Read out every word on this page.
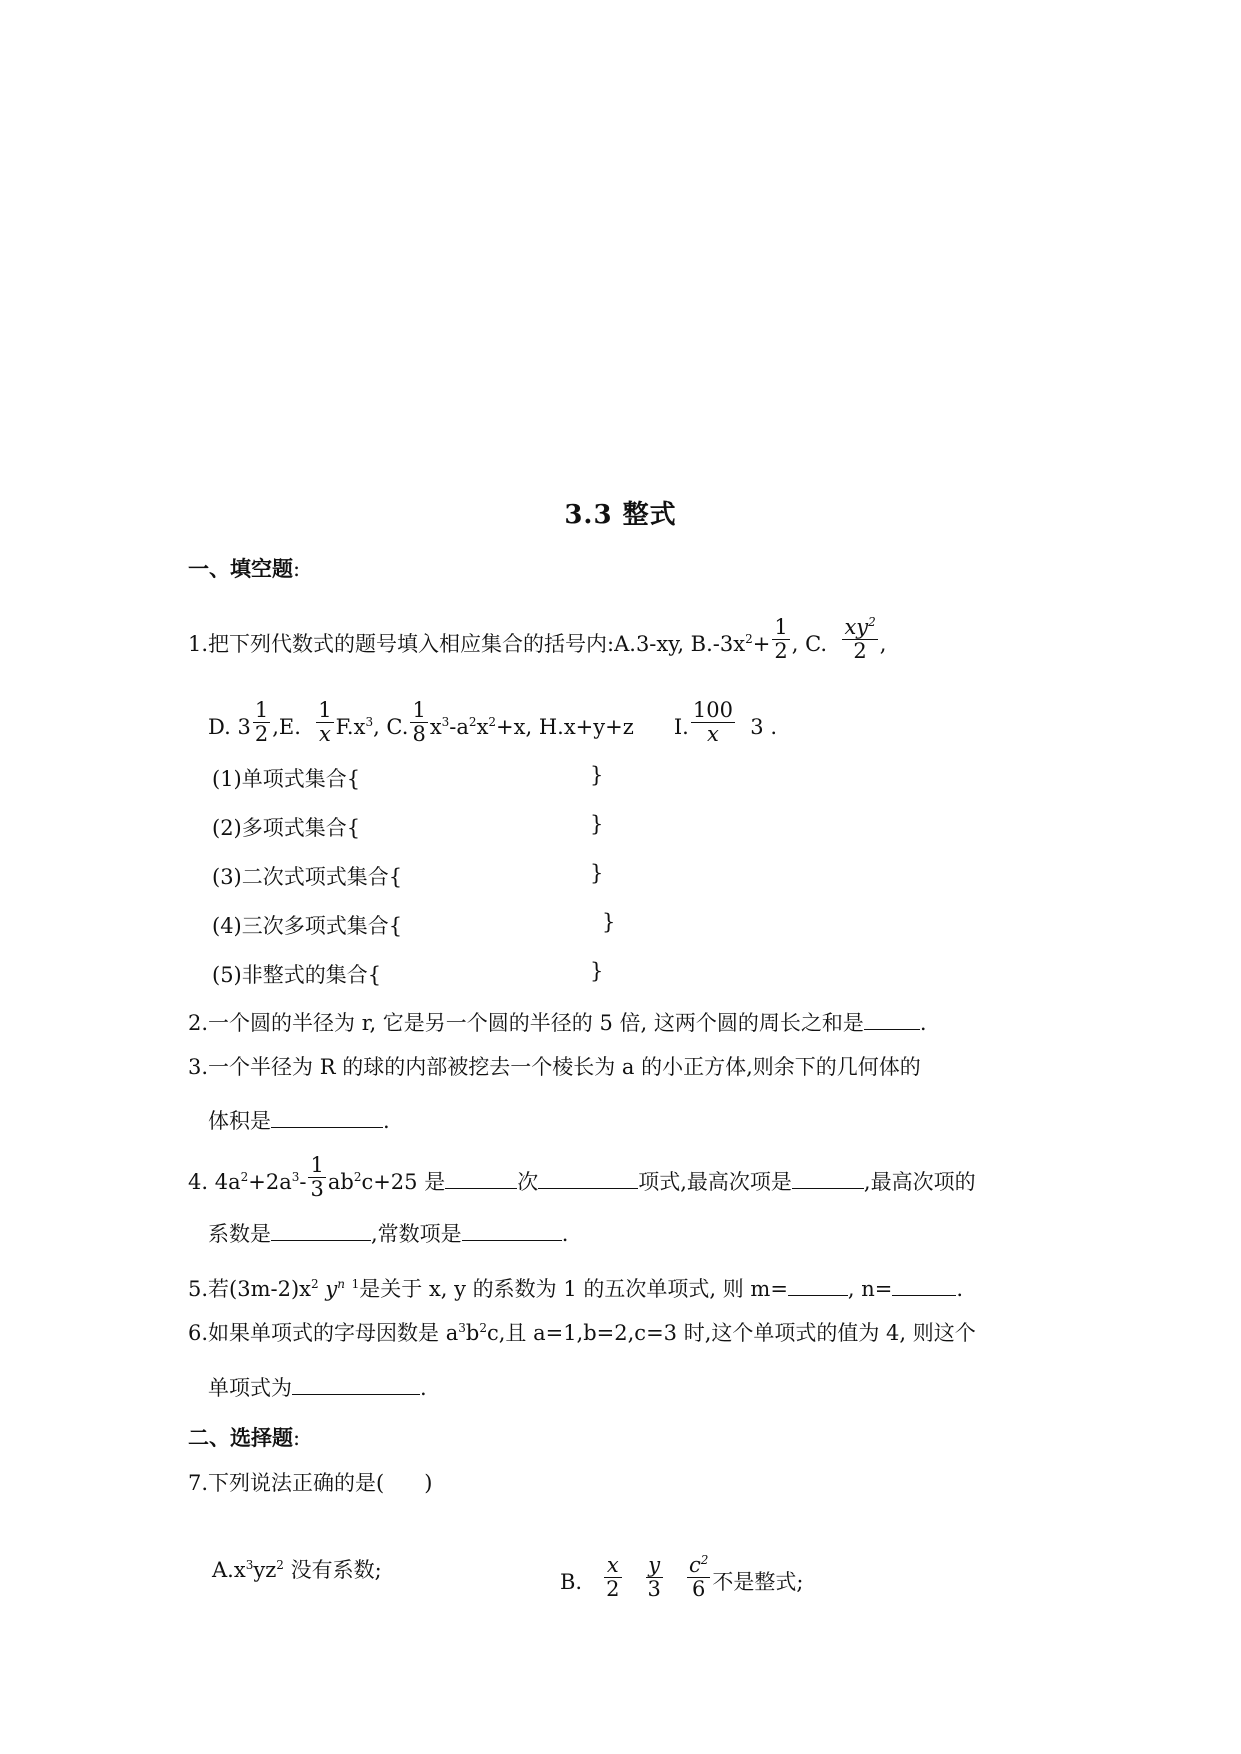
3.3 整式
一、填空题:
1.把下列代数式的题号填入相应集合的括号内:A.3-xy, $B.-3x^2+ \frac{1}{2}$ , C. $\frac{xy^2}{2}$ ,
D. $3 \frac{1}{2} ,E$. $\frac{1}{x} F.x^3$, C. $\frac{1}{8} x^3-a^2x^2+x$, H.x+y+z I. $\frac{100}{x} 3$ .
(1)单项式集合{	}
(2)多项式集合{	}
(3)二次式项式集合{	}
(4)三次多项式集合{	}
(5)非整式的集合{	}
2.一个圆的半径为 r, 它是另一个圆的半径的 5 倍, 这两个圆的周长之和是	.
3.一个半径为 R 的球的内部被挖去一个棱长为 a 的小正方体,则余下的几何体的
体积是	.
4. $4a^2+2a^3- \frac{1}{3} ab^2c+25$ 是	次	项式,最高次项是	,最高次项的
系数是	,常数项是	.
5.若$(3m-2)x^2$ $y^n$ $^1$是关于 x, y 的系数为 1 的五次单项式, 则 m=	, n=	.
6.如果单项式的字母因数是 $a^3b^2c$,且 a=1,b=2,c=3 时,这个单项式的值为 4, 则这个
单项式为	.
二、选择题:
7.下列说法正确的是( )
$A.x^3yz^2$ 没有系数;
B. $\frac{x}{2}$
$\frac{y}{3}$
$\frac{c^2}{6}$ 不是整式;
